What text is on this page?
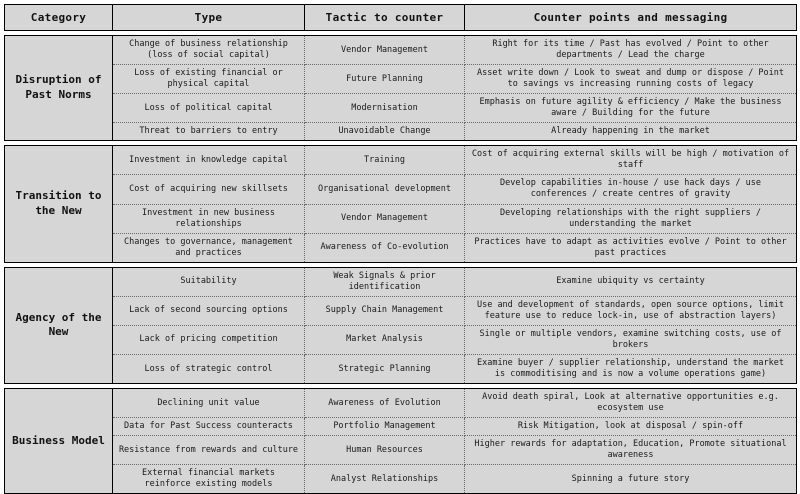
Category	Type	Tactic to counter	Counter points and messaging

Disruption of Past Norms	Change of business relationship (loss of social capital)	Vendor Management	Right for its time / Past has evolved / Point to other departments / Lead the charge
	Loss of existing financial or physical capital	Future Planning	Asset write down / Look to sweat and dump or dispose / Point to savings vs increasing running costs of legacy
	Loss of political capital	Modernisation	Emphasis on future agility & efficiency / Make the business aware / Building for the future
	Threat to barriers to entry	Unavoidable Change	Already happening in the market

Transition to the New	Investment in knowledge capital	Training	Cost of acquiring external skills will be high / motivation of staff
	Cost of acquiring new skillsets	Organisational development	Develop capabilities in-house / use hack days / use conferences / create centres of gravity
	Investment in new business relationships	Vendor Management	Developing relationships with the right suppliers / understanding the market
	Changes to governance, management and practices	Awareness of Co-evolution	Practices have to adapt as activities evolve / Point to other past practices

Agency of the New	Suitability	Weak Signals & prior identification	Examine ubiquity vs certainty
	Lack of second sourcing options	Supply Chain Management	Use and development of standards, open source options, limit feature use to reduce lock-in, use of abstraction layers)
	Lack of pricing competition	Market Analysis	Single or multiple vendors, examine switching costs, use of brokers
	Loss of strategic control	Strategic Planning	Examine buyer / supplier relationship, understand the market is commoditising and is now a volume operations game)

Business Model	Declining unit value	Awareness of Evolution	Avoid death spiral, Look at alternative opportunities e.g. ecosystem use
	Data for Past Success counteracts	Portfolio Management	Risk Mitigation, look at disposal / spin-off
	Resistance from rewards and culture	Human Resources	Higher rewards for adaptation, Education, Promote situational awareness
	External financial markets reinforce existing models	Analyst Relationships	Spinning a future story
